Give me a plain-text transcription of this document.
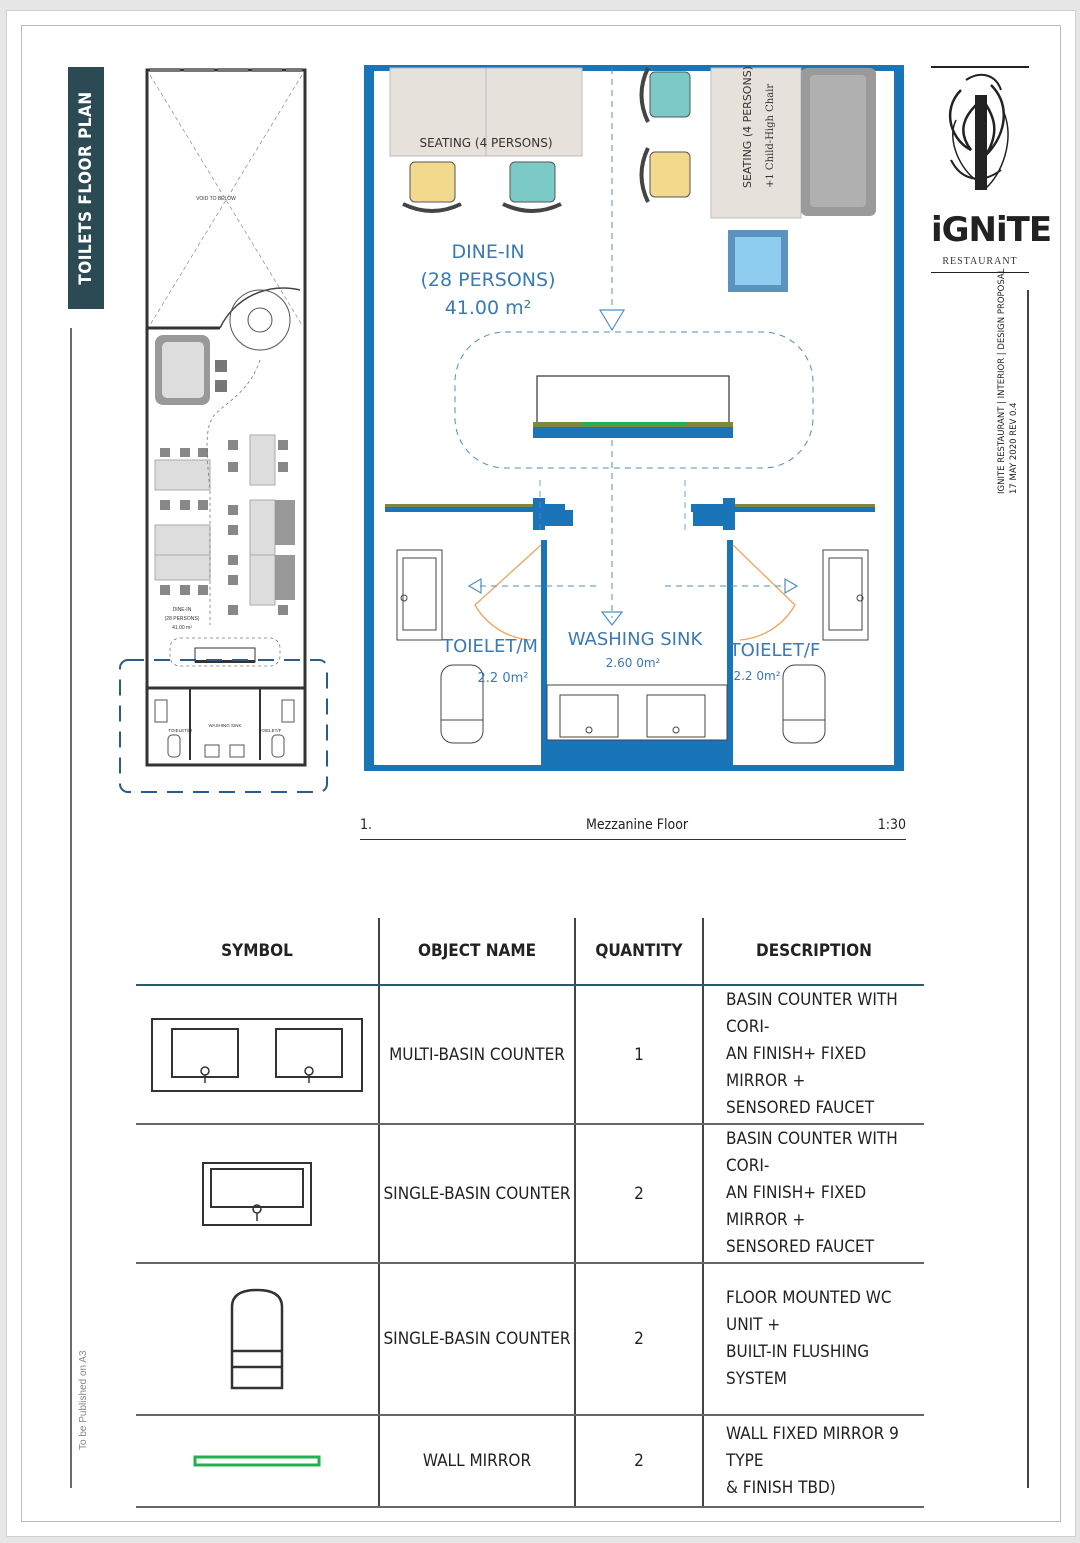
TOILETS FLOOR PLAN
To be Published on A3
iGNiTE
RESTAURANT
IGNITE RESTAURANT | INTERIOR | DESIGN PROPOSAL 17 MAY 2020 REV 0.4
VOID TO BELOW
DINE-IN
(28 PERSONS)
41.00 m²
WASHING SINK
TOIELET/M	TOIELET/F
SEATING (4 PERSONS)	SEATING (4 PERSONS) +1 Child-High Chair
DINE-IN
(28 PERSONS)
41.00 m²
WASHING SINK
2.60 0m²
TOIELET/M
2.2 0m²
TOIELET/F
2.2 0m²
1.	Mezzanine Floor	1:30
SYMBOL	OBJECT NAME	QUANTITY	DESCRIPTION

	MULTI-BASIN COUNTER	1	BASIN COUNTER WITH CORI-
AN FINISH+ FIXED MIRROR +
SENSORED FAUCET

	SINGLE-BASIN COUNTER	2	BASIN COUNTER WITH CORI-
AN FINISH+ FIXED MIRROR +
SENSORED FAUCET

	SINGLE-BASIN COUNTER	2	FLOOR MOUNTED WC UNIT +
BUILT-IN FLUSHING SYSTEM

	WALL MIRROR	2	WALL FIXED MIRROR 9 TYPE
& FINISH TBD)
